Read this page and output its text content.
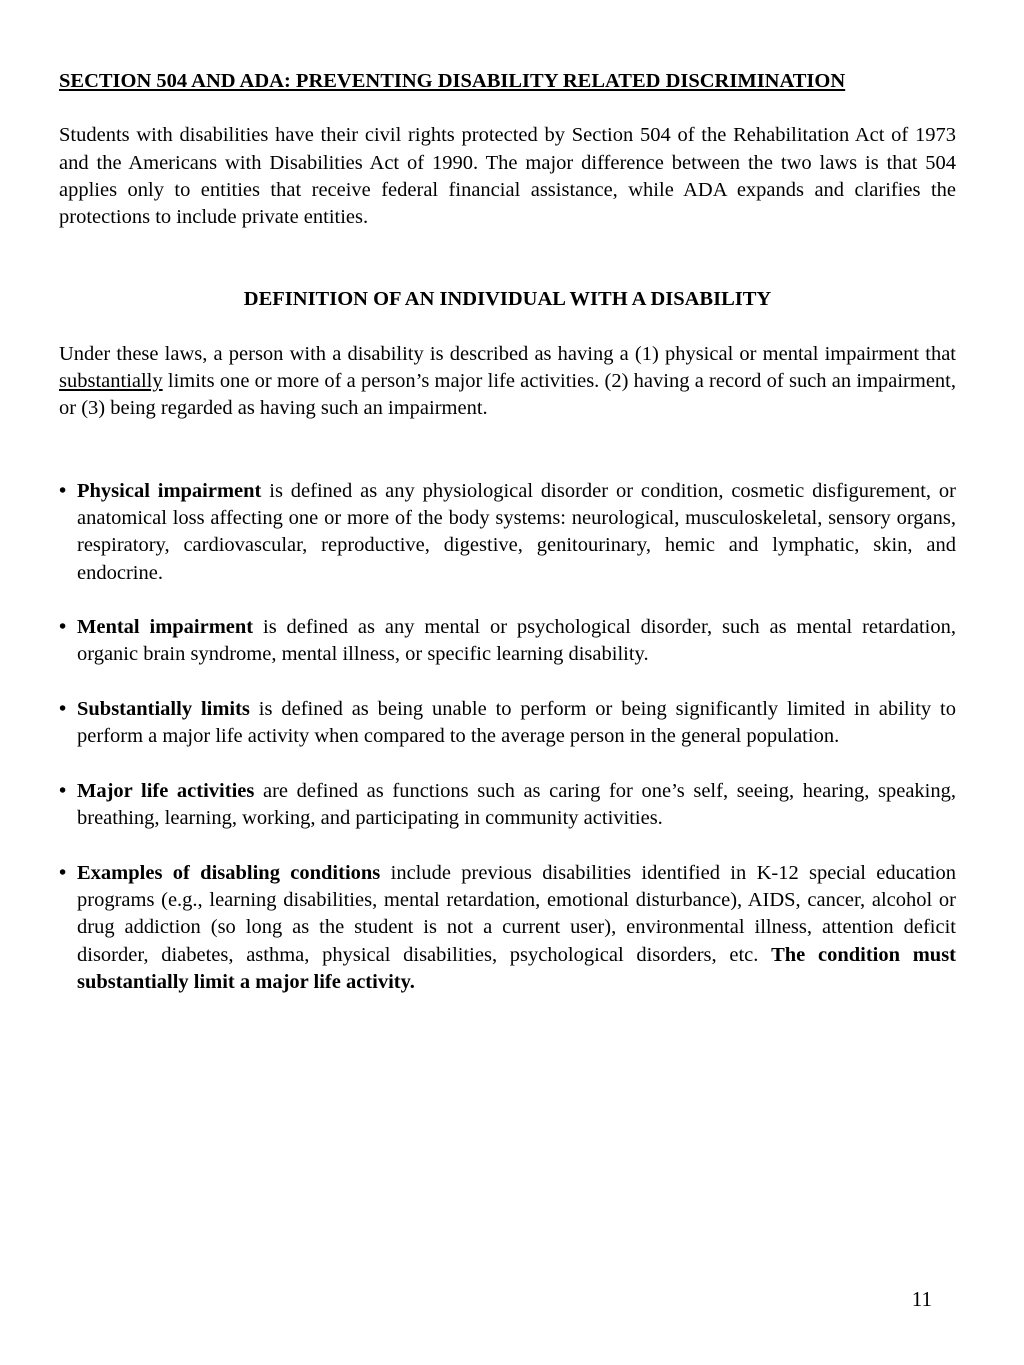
SECTION 504 AND ADA: PREVENTING DISABILITY RELATED DISCRIMINATION

Students with disabilities have their civil rights protected by Section 504 of the Rehabilitation Act of 1973 and the Americans with Disabilities Act of 1990. The major difference between the two laws is that 504 applies only to entities that receive federal financial assistance, while ADA expands and clarifies the protections to include private entities.

DEFINITION OF AN INDIVIDUAL WITH A DISABILITY

Under these laws, a person with a disability is described as having a (1) physical or mental impairment that substantially limits one or more of a person’s major life activities. (2) having a record of such an impairment, or (3) being regarded as having such an impairment.

• Physical impairment is defined as any physiological disorder or condition, cosmetic disfigurement, or anatomical loss affecting one or more of the body systems: neurological, musculoskeletal, sensory organs, respiratory, cardiovascular, reproductive, digestive, genitourinary, hemic and lymphatic, skin, and endocrine.
• Mental impairment is defined as any mental or psychological disorder, such as mental retardation, organic brain syndrome, mental illness, or specific learning disability.
• Substantially limits is defined as being unable to perform or being significantly limited in ability to perform a major life activity when compared to the average person in the general population.
• Major life activities are defined as functions such as caring for one’s self, seeing, hearing, speaking, breathing, learning, working, and participating in community activities.
• Examples of disabling conditions include previous disabilities identified in K-12 special education programs (e.g., learning disabilities, mental retardation, emotional disturbance), AIDS, cancer, alcohol or drug addiction (so long as the student is not a current user), environmental illness, attention deficit disorder, diabetes, asthma, physical disabilities, psychological disorders, etc. The condition must substantially limit a major life activity.
11
